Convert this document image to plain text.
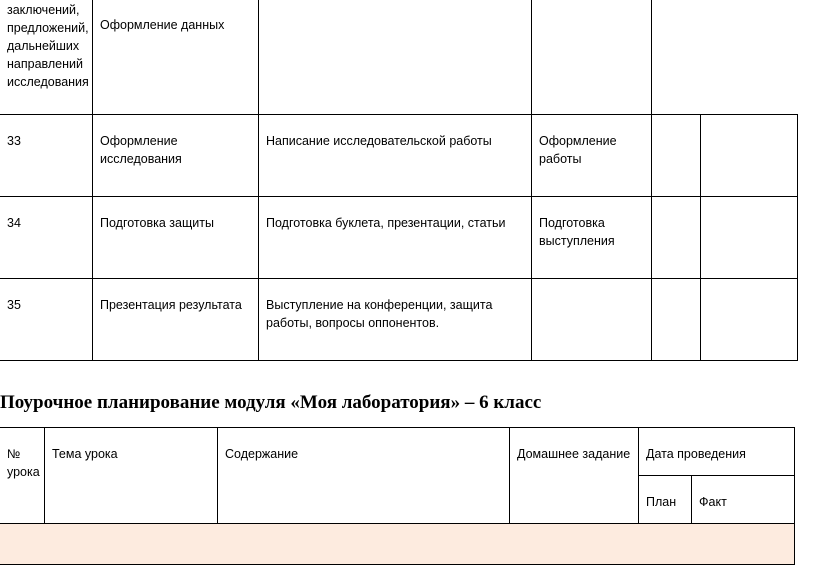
заключений, предложений, дальнейших направлений исследования	Оформление данных				
33	Оформление исследования	Написание исследовательской работы	Оформление работы		
34	Подготовка защиты	Подготовка буклета, презентации, статьи	Подготовка выступления		
35	Презентация результата	Выступление на конференции, защита работы, вопросы оппонентов.			
Поурочное планирование модуля «Моя лаборатория» – 6 класс
№ урока	Тема урока	Содержание	Домашнее задание	Дата проведения	
				План	Факт
